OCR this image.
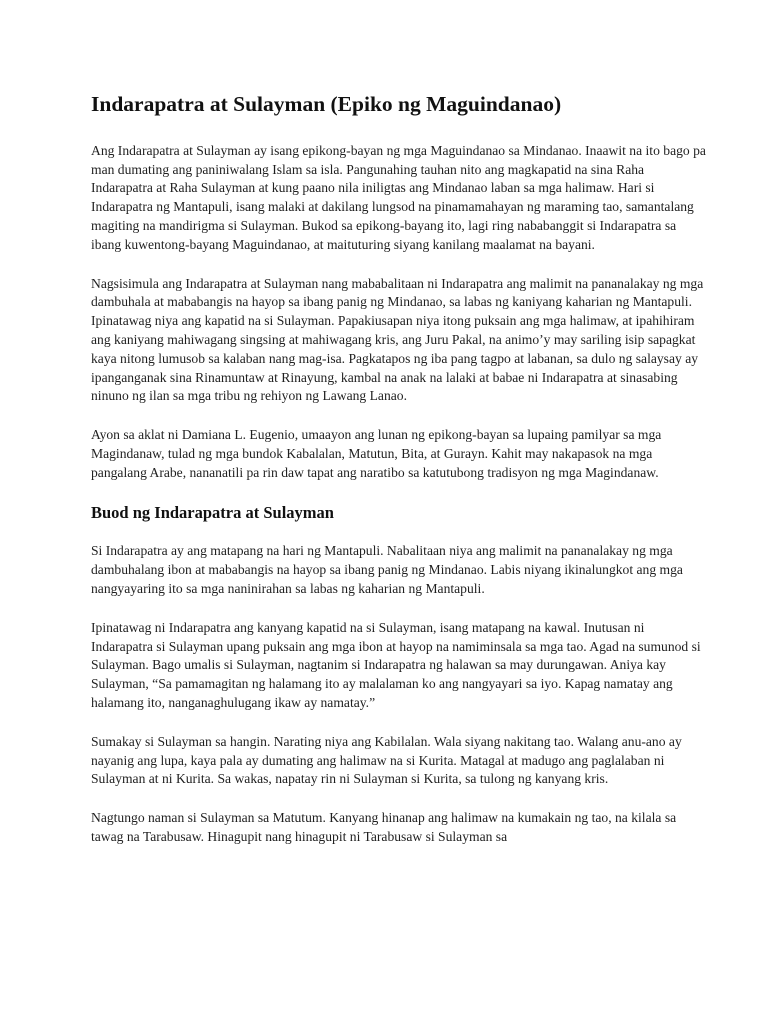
Indarapatra at Sulayman (Epiko ng Maguindanao)

Ang Indarapatra at Sulayman ay isang epikong-bayan ng mga Maguindanao sa Mindanao. Inaawit na ito bago pa man dumating ang paniniwalang Islam sa isla. Pangunahing tauhan nito ang magkapatid na sina Raha Indarapatra at Raha Sulayman at kung paano nila iniligtas ang Mindanao laban sa mga halimaw. Hari si Indarapatra ng Mantapuli, isang malaki at dakilang lungsod na pinamamahayan ng maraming tao, samantalang magiting na mandirigma si Sulayman. Bukod sa epikong-bayang ito, lagi ring nababanggit si Indarapatra sa ibang kuwentong-bayang Maguindanao, at maituturing siyang kanilang maalamat na bayani.

Nagsisimula ang Indarapatra at Sulayman nang mababalitaan ni Indarapatra ang malimit na pananalakay ng mga dambuhala at mababangis na hayop sa ibang panig ng Mindanao, sa labas ng kaniyang kaharian ng Mantapuli. Ipinatawag niya ang kapatid na si Sulayman. Papakiusapan niya itong puksain ang mga halimaw, at ipahihiram ang kaniyang mahiwagang singsing at mahiwagang kris, ang Juru Pakal, na animo’y may sariling isip sapagkat kaya nitong lumusob sa kalaban nang mag-isa. Pagkatapos ng iba pang tagpo at labanan, sa dulo ng salaysay ay ipanganganak sina Rinamuntaw at Rinayung, kambal na anak na lalaki at babae ni Indarapatra at sinasabing ninuno ng ilan sa mga tribu ng rehiyon ng Lawang Lanao.

Ayon sa aklat ni Damiana L. Eugenio, umaayon ang lunan ng epikong-bayan sa lupaing pamilyar sa mga Magindanaw, tulad ng mga bundok Kabalalan, Matutun, Bita, at Gurayn. Kahit may nakapasok na mga pangalang Arabe, nananatili pa rin daw tapat ang naratibo sa katutubong tradisyon ng mga Magindanaw.

Buod ng Indarapatra at Sulayman

Si Indarapatra ay ang matapang na hari ng Mantapuli. Nabalitaan niya ang malimit na pananalakay ng mga dambuhalang ibon at mababangis na hayop sa ibang panig ng Mindanao. Labis niyang ikinalungkot ang mga nangyayaring ito sa mga naninirahan sa labas ng kaharian ng Mantapuli.

Ipinatawag ni Indarapatra ang kanyang kapatid na si Sulayman, isang matapang na kawal. Inutusan ni Indarapatra si Sulayman upang puksain ang mga ibon at hayop na namiminsala sa mga tao. Agad na sumunod si Sulayman. Bago umalis si Sulayman, nagtanim si Indarapatra ng halawan sa may durungawan. Aniya kay Sulayman, “Sa pamamagitan ng halamang ito ay malalaman ko ang nangyayari sa iyo. Kapag namatay ang halamang ito, nanganaghulugang ikaw ay namatay.”

Sumakay si Sulayman sa hangin. Narating niya ang Kabilalan. Wala siyang nakitang tao. Walang anu-ano ay nayanig ang lupa, kaya pala ay dumating ang halimaw na si Kurita. Matagal at madugo ang paglalaban ni Sulayman at ni Kurita. Sa wakas, napatay rin ni Sulayman si Kurita, sa tulong ng kanyang kris.

Nagtungo naman si Sulayman sa Matutum. Kanyang hinanap ang halimaw na kumakain ng tao, na kilala sa tawag na Tarabusaw. Hinagupit nang hinagupit ni Tarabusaw si Sulayman sa
